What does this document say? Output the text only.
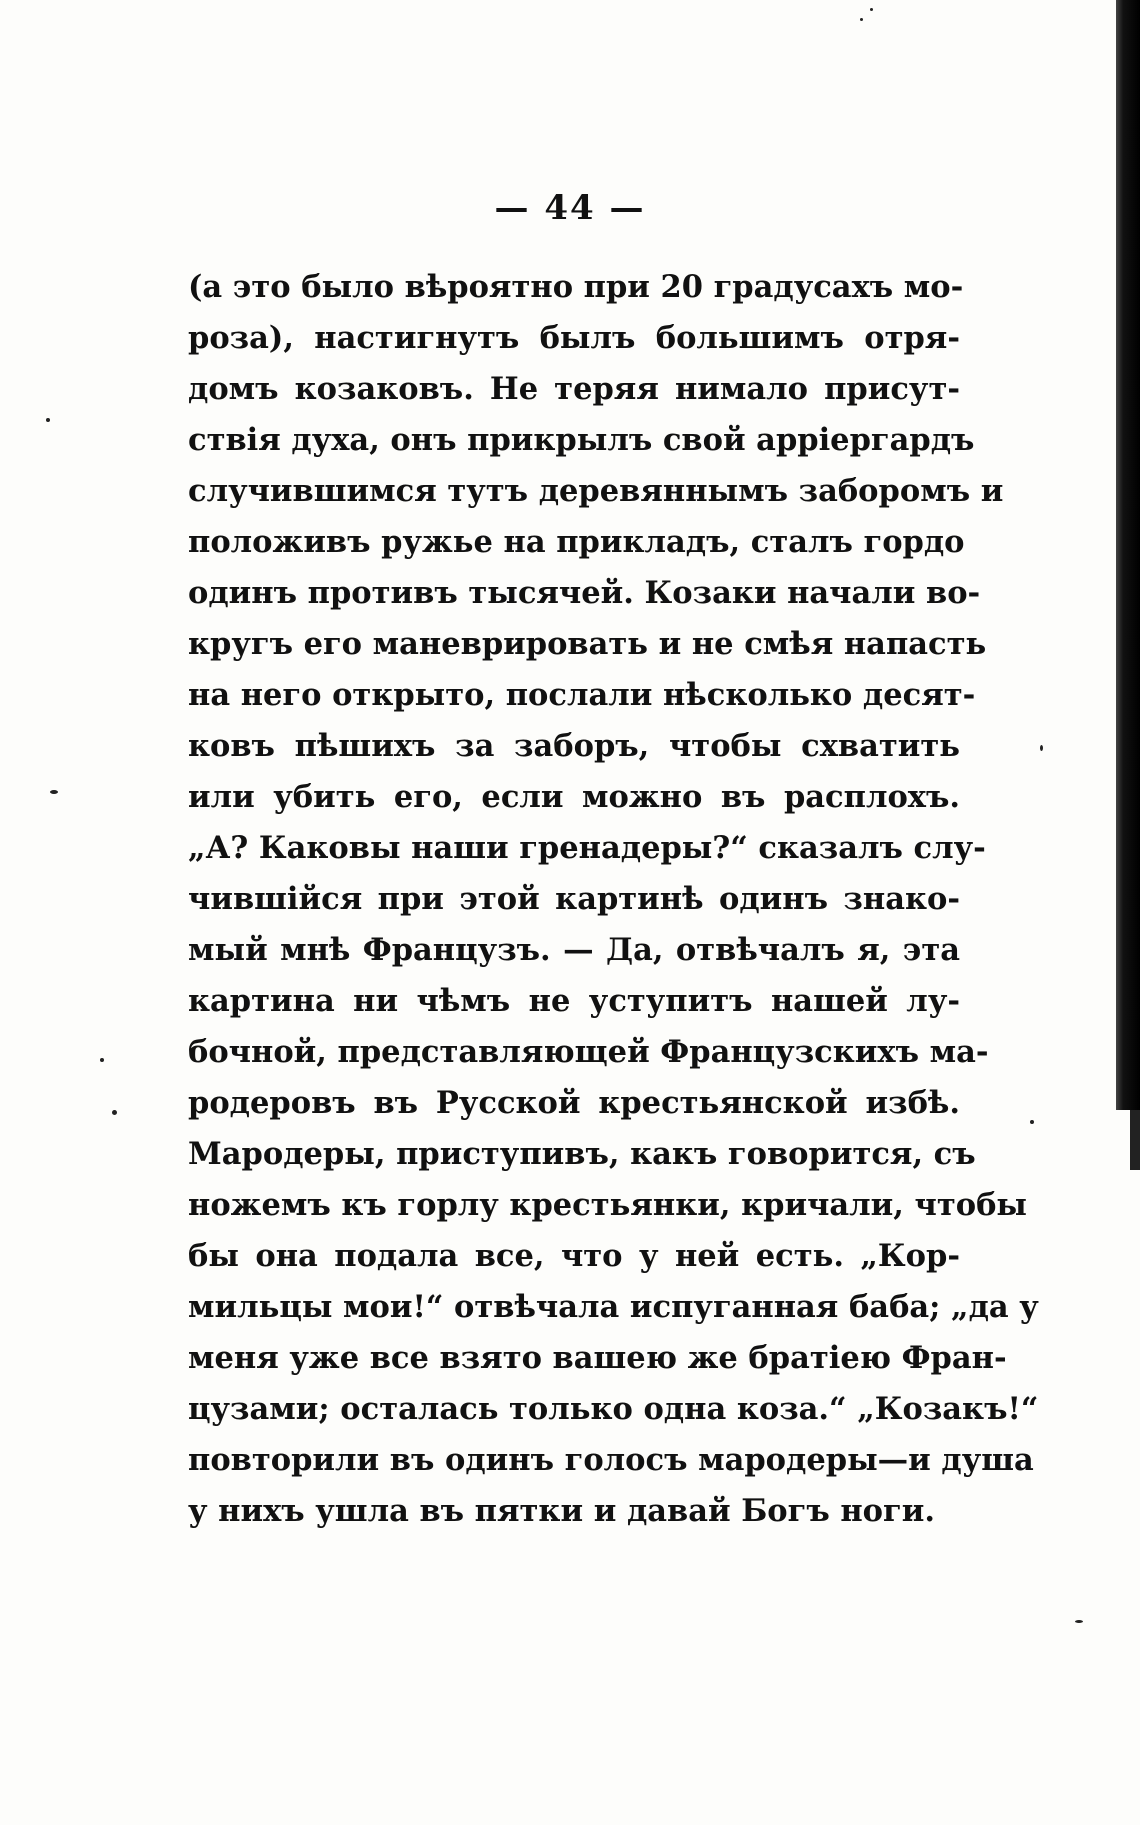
— 44 —
(а это было вѣроятно при 20 градусахъ мо-
роза), настигнутъ былъ большимъ отря-
домъ козаковъ. Не теряя нимало присут-
ствія духа, онъ прикрылъ свой арріергардъ
случившимся тутъ деревяннымъ заборомъ и
положивъ ружье на прикладъ, сталъ гордо
одинъ противъ тысячей. Козаки начали во-
кругъ его маневрировать и не смѣя напасть
на него открыто, послали нѣсколько десят-
ковъ пѣшихъ за заборъ, чтобы схватить
или убить его, если можно въ расплохъ.
„А? Каковы наши гренадеры?“ сказалъ слу-
чившійся при этой картинѣ одинъ знако-
мый мнѣ Французъ. — Да, отвѣчалъ я, эта
картина ни чѣмъ не уступитъ нашей лу-
бочной, представляющей Французскихъ ма-
родеровъ въ Русской крестьянской избѣ.
Мародеры, приступивъ, какъ говорится, съ
ножемъ къ горлу крестьянки, кричали, чтобы
бы она подала все, что у ней есть. „Кор-
мильцы мои!“ отвѣчала испуганная баба; „да у
меня уже все взято вашею же братіею Фран-
цузами; осталась только одна коза.“ „Козакъ!“
повторили въ одинъ голосъ мародеры—и душа
у нихъ ушла въ пятки и давай Богъ ноги.
